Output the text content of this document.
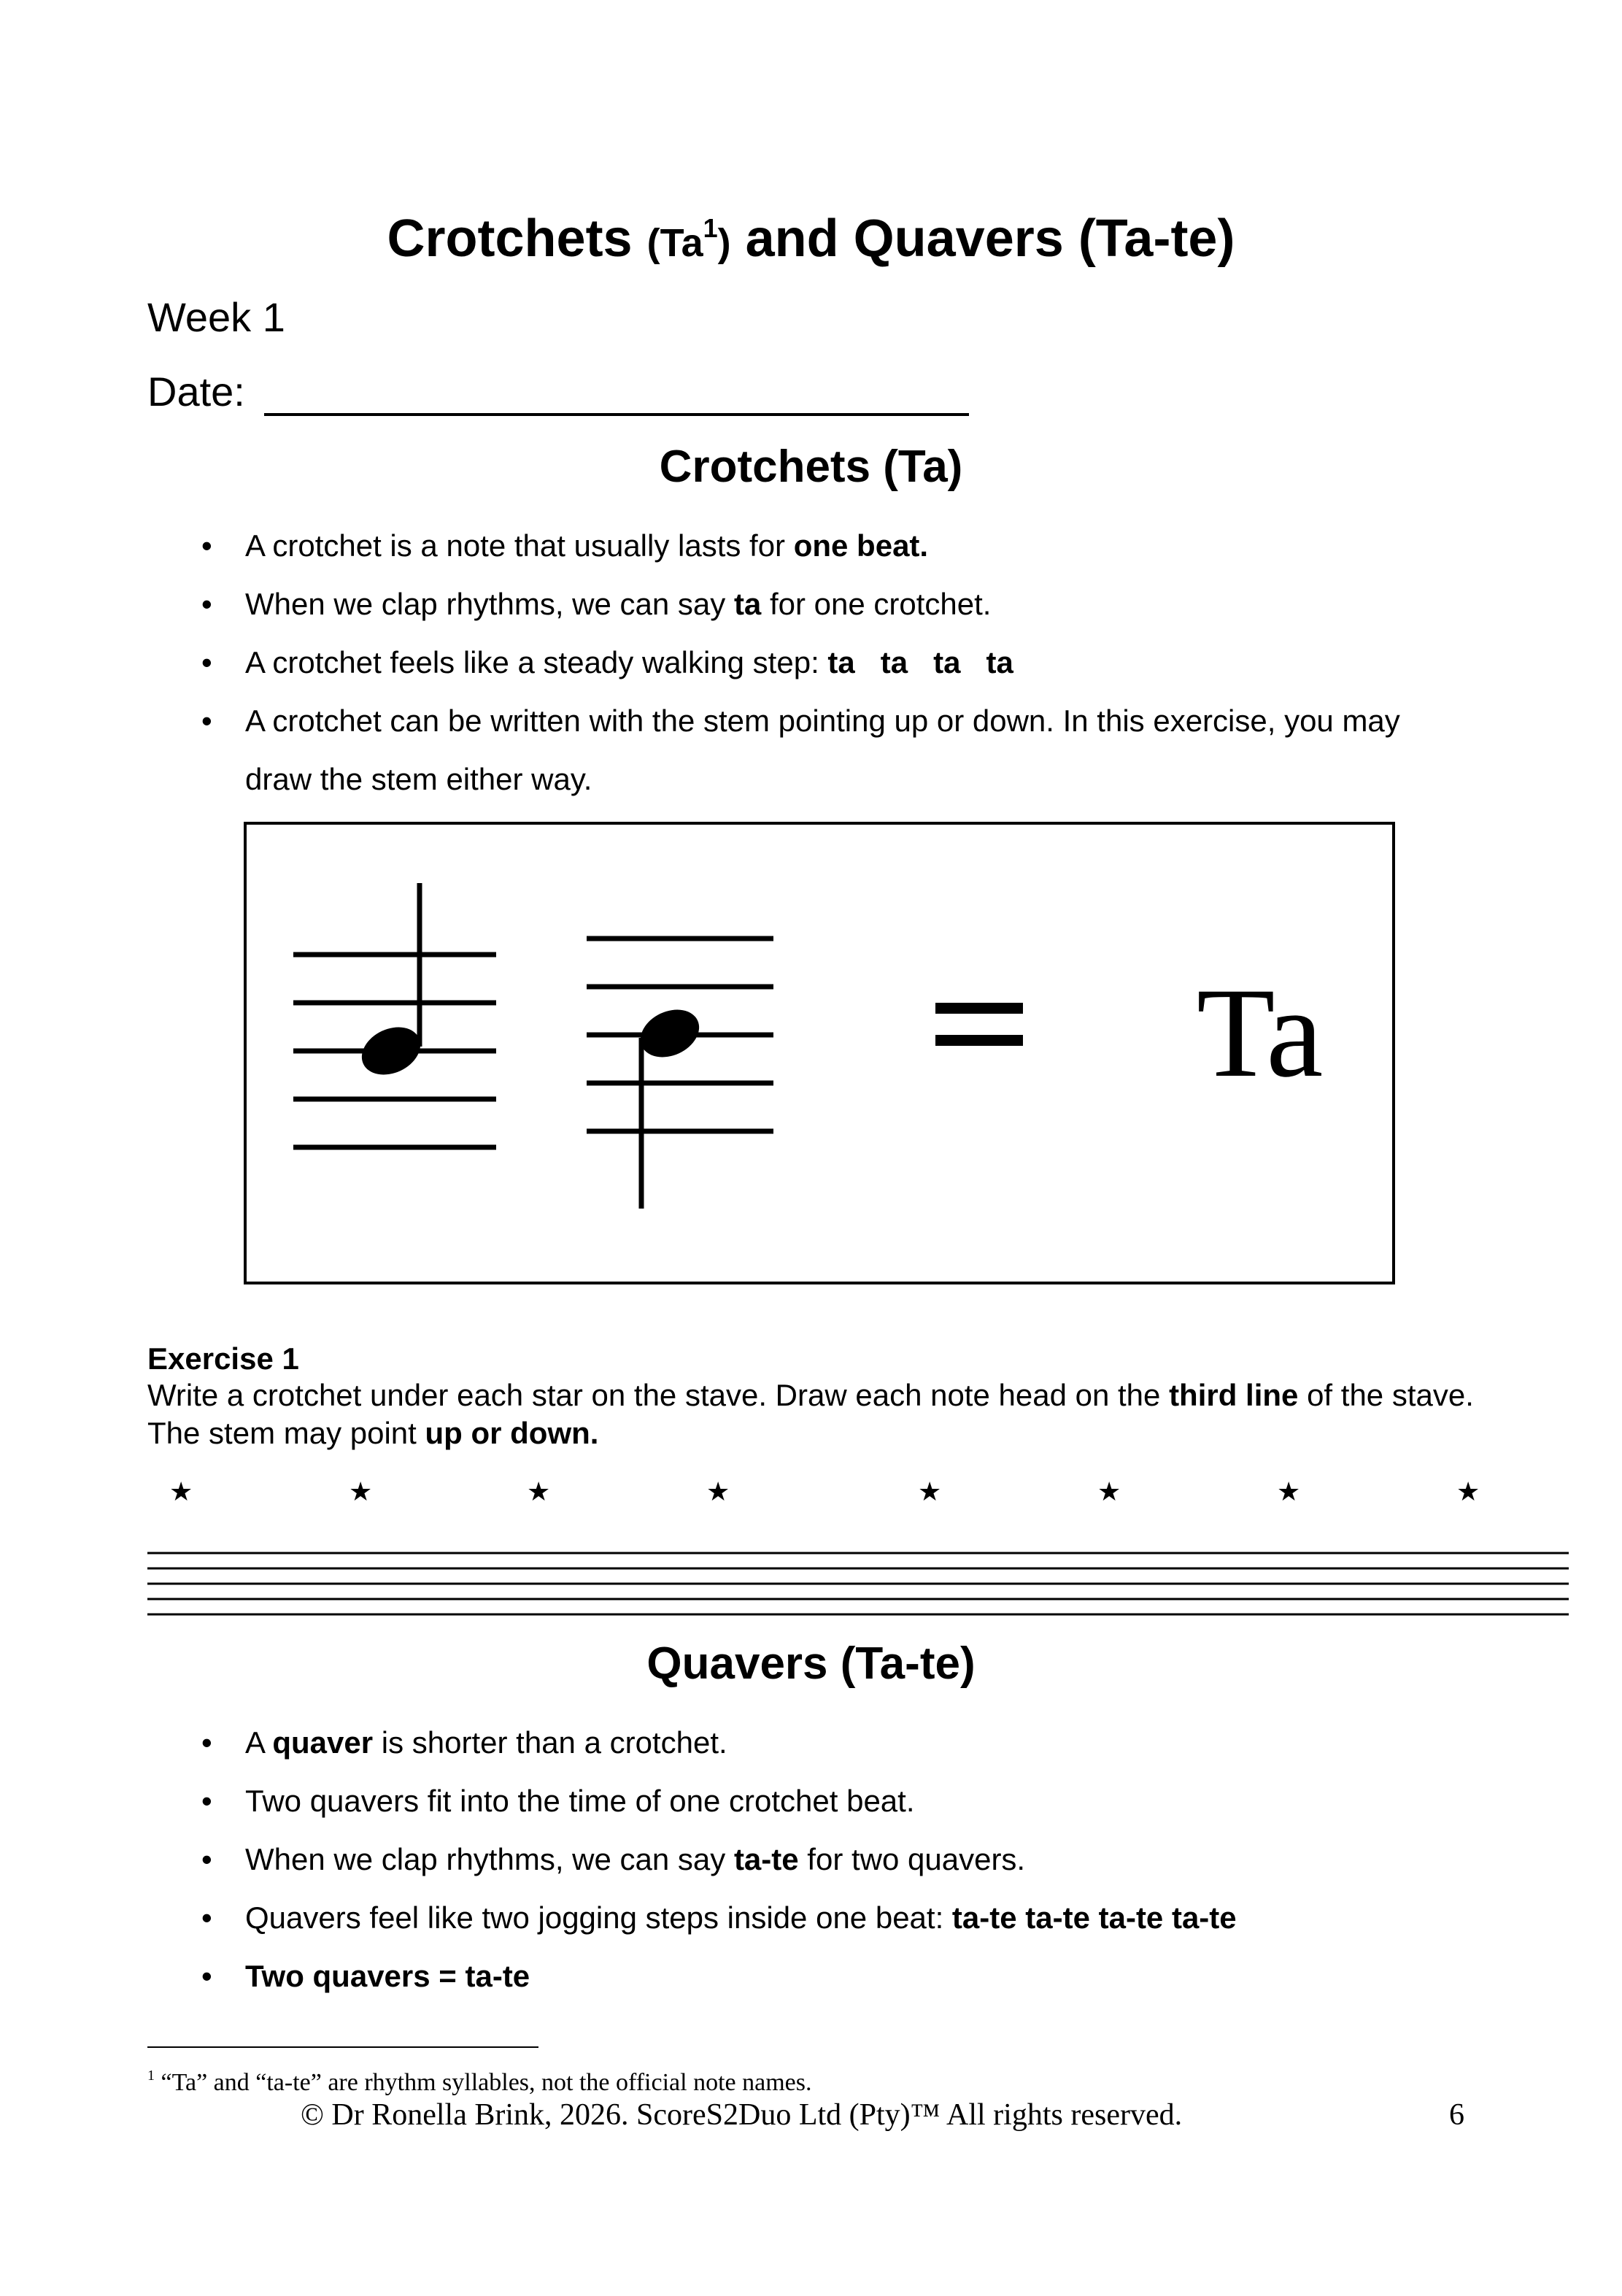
Crotchets (Ta$^1$) and Quavers (Ta-te)
Week 1
Date:
Crotchets (Ta)
• A crotchet is a note that usually lasts for one beat.
• When we clap rhythms, we can say ta for one crotchet.
• A crotchet feels like a steady walking step: ta   ta   ta   ta
• A crotchet can be written with the stem pointing up or down. In this exercise, you may draw the stem either way.
Ta
Exercise 1
Write a crotchet under each star on the stave. Draw each note head on the third line of the stave. The stem may point up or down.
★	★	★	★	★	★	★	★
Quavers (Ta-te)
• A quaver is shorter than a crotchet.
• Two quavers fit into the time of one crotchet beat.
• When we clap rhythms, we can say ta-te for two quavers.
• Quavers feel like two jogging steps inside one beat: ta-te ta-te ta-te ta-te
• Two quavers = ta-te
$^1$ “Ta” and “ta-te” are rhythm syllables, not the official note names.
© Dr Ronella Brink, 2026. ScoreS2Duo Ltd (Pty)™ All rights reserved.	6
